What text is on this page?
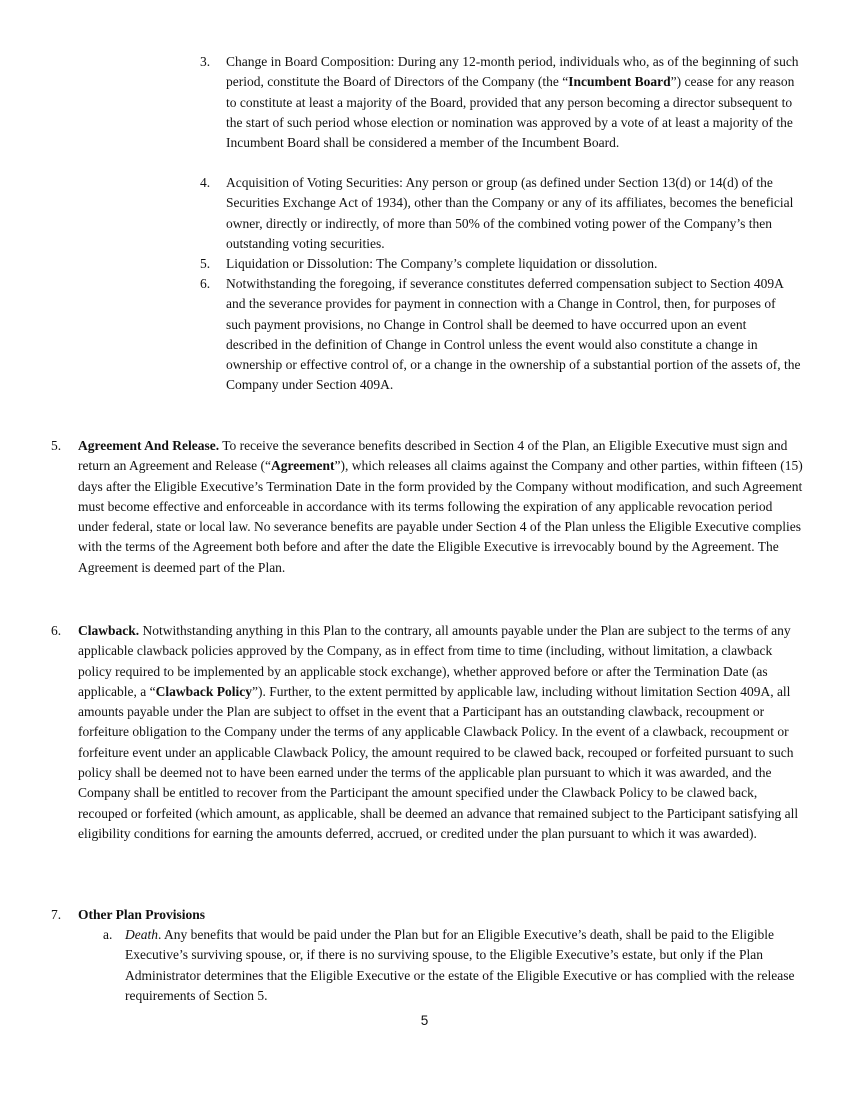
3. Change in Board Composition: During any 12-month period, individuals who, as of the beginning of such period, constitute the Board of Directors of the Company (the “Incumbent Board”) cease for any reason to constitute at least a majority of the Board, provided that any person becoming a director subsequent to the start of such period whose election or nomination was approved by a vote of at least a majority of the Incumbent Board shall be considered a member of the Incumbent Board.

4. Acquisition of Voting Securities: Any person or group (as defined under Section 13(d) or 14(d) of the Securities Exchange Act of 1934), other than the Company or any of its affiliates, becomes the beneficial owner, directly or indirectly, of more than 50% of the combined voting power of the Company’s then outstanding voting securities.

5. Liquidation or Dissolution: The Company’s complete liquidation or dissolution.

6. Notwithstanding the foregoing, if severance constitutes deferred compensation subject to Section 409A and the severance provides for payment in connection with a Change in Control, then, for purposes of such payment provisions, no Change in Control shall be deemed to have occurred upon an event described in the definition of Change in Control unless the event would also constitute a change in ownership or effective control of, or a change in the ownership of a substantial portion of the assets of, the Company under Section 409A.

5. Agreement And Release. To receive the severance benefits described in Section 4 of the Plan, an Eligible Executive must sign and return an Agreement and Release (“Agreement”), which releases all claims against the Company and other parties, within fifteen (15) days after the Eligible Executive’s Termination Date in the form provided by the Company without modification, and such Agreement must become effective and enforceable in accordance with its terms following the expiration of any applicable revocation period under federal, state or local law. No severance benefits are payable under Section 4 of the Plan unless the Eligible Executive complies with the terms of the Agreement both before and after the date the Eligible Executive is irrevocably bound by the Agreement. The Agreement is deemed part of the Plan.

6. Clawback. Notwithstanding anything in this Plan to the contrary, all amounts payable under the Plan are subject to the terms of any applicable clawback policies approved by the Company, as in effect from time to time (including, without limitation, a clawback policy required to be implemented by an applicable stock exchange), whether approved before or after the Termination Date (as applicable, a “Clawback Policy”). Further, to the extent permitted by applicable law, including without limitation Section 409A, all amounts payable under the Plan are subject to offset in the event that a Participant has an outstanding clawback, recoupment or forfeiture obligation to the Company under the terms of any applicable Clawback Policy. In the event of a clawback, recoupment or forfeiture event under an applicable Clawback Policy, the amount required to be clawed back, recouped or forfeited pursuant to such policy shall be deemed not to have been earned under the terms of the applicable plan pursuant to which it was awarded, and the Company shall be entitled to recover from the Participant the amount specified under the Clawback Policy to be clawed back, recouped or forfeited (which amount, as applicable, shall be deemed an advance that remained subject to the Participant satisfying all eligibility conditions for earning the amounts deferred, accrued, or credited under the plan pursuant to which it was awarded).

7. Other Plan Provisions

a. Death. Any benefits that would be paid under the Plan but for an Eligible Executive’s death, shall be paid to the Eligible Executive’s surviving spouse, or, if there is no surviving spouse, to the Eligible Executive’s estate, but only if the Plan Administrator determines that the Eligible Executive or the estate of the Eligible Executive or has complied with the release requirements of Section 5.

5
